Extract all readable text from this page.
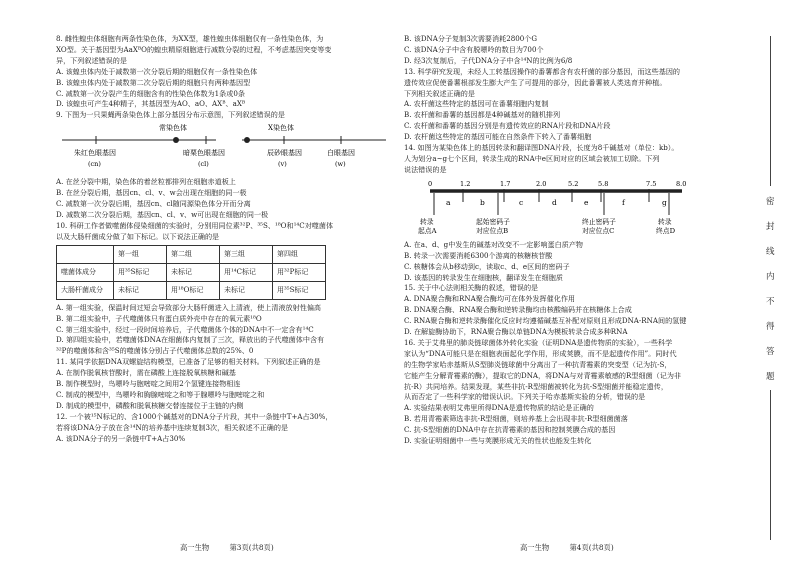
8. 雌性蝗虫体细胞有两条性染色体，为XX型，雄性蝗虫体细胞仅有一条性染色体，为

XO型。关于基因型为AaXᴮO的蝗虫精原细胞进行减数分裂的过程，不考虑基因突变等变

异，下列叙述错误的是

A. 该蝗虫体内处于减数第一次分裂后期的细胞仅有一条性染色体

B. 该蝗虫体内处于减数第二次分裂后期的细胞只有两种基因型

C. 减数第一次分裂产生的细胞含有的性染色体数为1条或0条

D. 该蝗虫可产生4种精子，其基因型为AO、aO、AXᴮ、aXᴮ

9. 下图为一只果蝇两条染色体上部分基因分布示意图，下列叙述错误的是

常染色体	X染色体
朱红色眼基因
(cn)
暗栗色眼基因
(cl)
辰砂眼基因
(v)
白眼基因
(w)

A. 在丝分裂中期，染色体的着丝粒都排列在细胞赤道板上

B. 在丝分裂后期，基因cn、cl、v、w会出现在细胞的同一极

C. 减数第一次分裂后期，基因cn、cl随同源染色体分开而分离

D. 减数第二次分裂后期，基因cn、cl、v、w可出现在细胞的同一极

10. 科研工作者做噬菌体侵染细菌的实验时，分别用同位素³²P、³⁵S、¹⁸O和¹⁴C对噬菌体

以及大肠杆菌成分做了如下标记。以下说法正确的是

	第一组	第二组	第三组	第四组
噬菌体成分	用³⁵S标记	未标记	用¹⁴C标记	用³²P标记
大肠杆菌成分	未标记	用¹⁸O标记	未标记	用³⁵S标记

A. 第一组实验，保温时间过短会导致部分大肠杆菌进入上清液，使上清液放射性偏高

B. 第二组实验中，子代噬菌体只有蛋白质外壳中存在的氧元素¹⁸O

C. 第三组实验中，经过一段时间培养后，子代噬菌体个体的DNA中不一定含有¹⁴C

D. 第四组实验中，若噬菌体DNA在细菌体内复制了三次，释放出的子代噬菌体中含有

³²P的噬菌体和含³⁵S的噬菌体分别占子代噬菌体总数的25%、0

11. 某同学依据DNA双螺旋结构模型，已准备了足够的相关材料。下列叙述正确的是

A. 在制作脱氧核苷酸时，需在磷酸上连接脱氧核糖和碱基

B. 制作模型时，鸟嘌呤与胞嘧啶之间用2个氢键连接物相连

C. 制成的模型中，鸟嘌呤和胸腺嘧啶之和等于腺嘌呤与胞嘧啶之和

D. 制成的模型中，磷酸和脱氧核糖交替连接位于主链的内侧

12. 一个被¹⁵N标记的、含1000个碱基对的DNA分子片段，其中一条链中T+A占30%，

若将该DNA分子放在含¹⁴N的培养基中连续复制3次，相关叙述不正确的是

A. 该DNA分子的另一条链中T+A占30%

B. 该DNA分子复制3次需要消耗2800个G

C. 该DNA分子中含有脱嘌呤的数目为700个

D. 经3次复制后，子代DNA分子中含¹⁴N的比例为6/8

13. 科学研究发现，未经人工转基因操作的番薯都含有农杆菌的部分基因，而这些基因的

遗传效应促使番薯根部发生膨大产生了可提用的部分，因此番薯被人类选育并种植。

下列相关叙述正确的是

A. 农杆菌这些特定的基因可在番薯细胞内复制

B. 农杆菌和番薯的基因都是4种碱基对的随机排列

C. 农杆菌和番薯的基因分别是有遗传效应的RNA片段和DNA片段

D. 农杆菌这些特定的基因可能在自然条件下转入了番薯细胞

14. 如图为某染色体上的基因转录和翻译图DNA片段，长度为8千碱基对（单位：kb）。

人为划分a~g七个区间，转录生成的RNA中e区间对应的区域会被加工切除。下列

说法错误的是

0	1.2	1.7	2.0	5.2	5.8	7.5	8.0
a	b	c	d	e	f	g
转录
起点A
起始密码子
对应位点B
终止密码子
对应位点C
转录
终点D

A. 在a、d、g中发生的碱基对改变不一定影响蛋白质产物

B. 转录一次需要消耗6300个游离的核糖核苷酸

C. 核糖体会从b移动到c，读取c、d、e区间的密码子

D. 该基因的转录发生在细胞核，翻译发生在细胞质

15. 关于中心法则相关酶的叙述，错误的是

A. DNA聚合酶和RNA聚合酶均可在体外发挥催化作用

B. DNA聚合酶、RNA聚合酶和逆转录酶均由核酸编码并在核糖体上合成

C. RNA聚合酶和逆转录酶催化反应时均遵循碱基互补配对原则且形成DNA-RNA间的氢键

D. 在解旋酶协助下，RNA聚合酶以单链DNA为模板转录合成多种RNA

16. 关于艾弗里的肺炎链球菌体外转化实验（证明DNA是遗传物质的实验），一些科学

家认为“DNA可能只是在细胞表面起化学作用，形成荚膜，而不是起遗传作用”。同时代

的生物学家哈赤基斯从S型肺炎链球菌中分离出了一种抗青霉素的突变型（记为抗-S，

它能产生分解青霉素的酶），提取它的DNA，将DNA与对青霉素敏感的R型细菌（记为非

抗-R）共同培养。结果发现，某些非抗-R型细菌被转化为抗-S型细菌并能稳定遗传，

从而否定了一些科学家的错误认识。下列关于哈赤基斯实验的分析，错误的是

A. 实验结果表明艾弗里所得DNA是遗传物质的结论是正确的

B. 若用青霉素筛选非抗-R型细菌，则培养基上会出现非抗-R型细菌菌落

C. 抗-S型细菌的DNA中存在抗青霉素的基因和控制荚膜合成的基因

D. 实验证明细菌中一些与荚膜形成无关的性状也能发生转化

高一生物	第3页(共8页)	高一生物	第4页(共8页)
密
封
线
内
不
得
答
题
